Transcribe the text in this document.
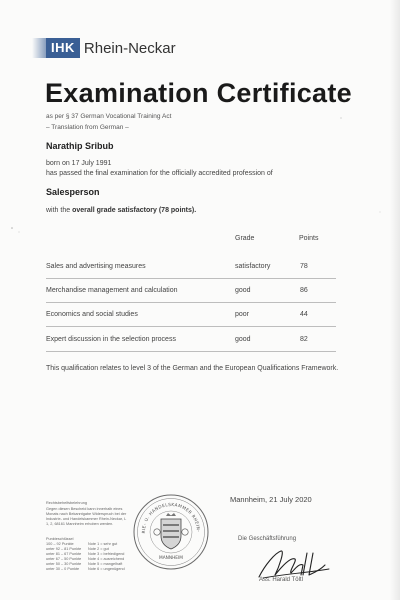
IHK Rhein-Neckar
Examination Certificate
as per § 37 German Vocational Training Act
– Translation from German –
Narathip Sribub
born on 17 July 1991
has passed the final examination for the officially accredited profession of
Salesperson
with the overall grade satisfactory (78 points).
Grade	Points
Sales and advertising measures	satisfactory	78
Merchandise management and calculation	good	86
Economics and social studies	poor	44
Expert discussion in the selection process	good	82
This qualification relates to level 3 of the German and the European Qualifications Framework.
Rechtsbehelfsbelehrung
Gegen diesen Bescheid kann innerhalb eines Monats nach Bekanntgabe Widerspruch bei der Industrie- und Handelskammer Rhein-Neckar, L 1, 2, 68161 Mannheim erhoben werden.
Punkteschlüssel
100 – 92 Punkte	Note 1 = sehr gut
unter 92 – 81 Punkte	Note 2 = gut
unter 81 – 67 Punkte	Note 3 = befriedigend
unter 67 – 50 Punkte	Note 4 = ausreichend
unter 50 – 30 Punkte	Note 5 = mangelhaft
unter 30 – 0 Punkte	Note 6 = ungenügend
RIE- U. HANDELSKAMMER RHEIN-
MANNHEIM
Mannheim, 21 July 2020
Die Geschäftsführung
Ass. Harald Töltl
